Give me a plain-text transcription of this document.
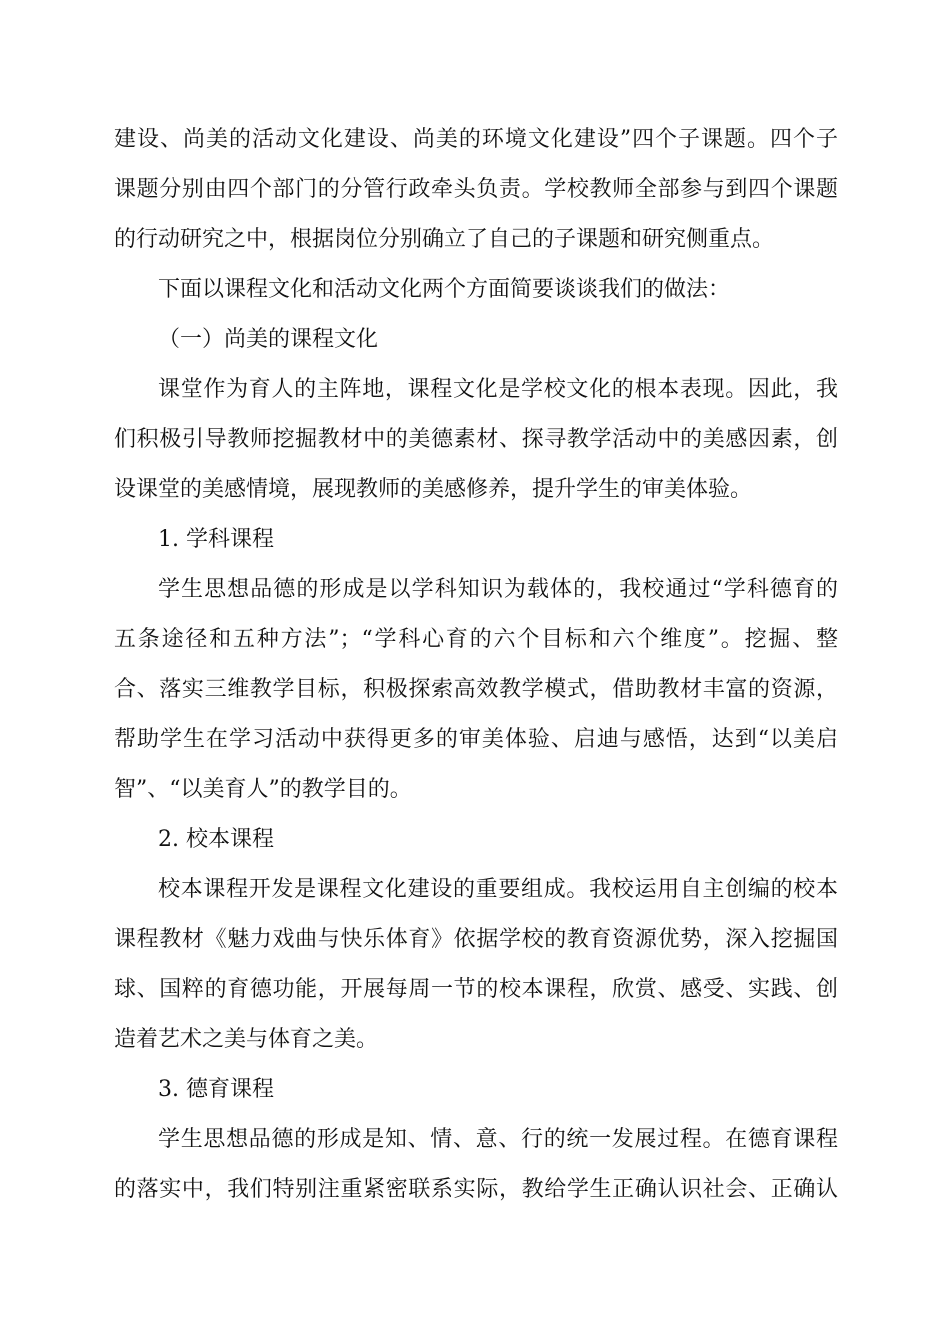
建设、尚美的活动文化建设、尚美的环境文化建设”四个子课题。四个子
课题分别由四个部门的分管行政牵头负责。学校教师全部参与到四个课题
的行动研究之中，根据岗位分别确立了自己的子课题和研究侧重点。
下面以课程文化和活动文化两个方面简要谈谈我们的做法：
（一）尚美的课程文化
课堂作为育人的主阵地，课程文化是学校文化的根本表现。因此，我
们积极引导教师挖掘教材中的美德素材、探寻教学活动中的美感因素，创
设课堂的美感情境，展现教师的美感修养，提升学生的审美体验。
1. 学科课程
学生思想品德的形成是以学科知识为载体的，我校通过“学科德育的
五条途径和五种方法”；“学科心育的六个目标和六个维度”。挖掘、整
合、落实三维教学目标，积极探索高效教学模式，借助教材丰富的资源，
帮助学生在学习活动中获得更多的审美体验、启迪与感悟，达到“以美启
智”、“以美育人”的教学目的。
2. 校本课程
校本课程开发是课程文化建设的重要组成。我校运用自主创编的校本
课程教材《魅力戏曲与快乐体育》依据学校的教育资源优势，深入挖掘国
球、国粹的育德功能，开展每周一节的校本课程，欣赏、感受、实践、创
造着艺术之美与体育之美。
3. 德育课程
学生思想品德的形成是知、情、意、行的统一发展过程。在德育课程
的落实中，我们特别注重紧密联系实际，教给学生正确认识社会、正确认
